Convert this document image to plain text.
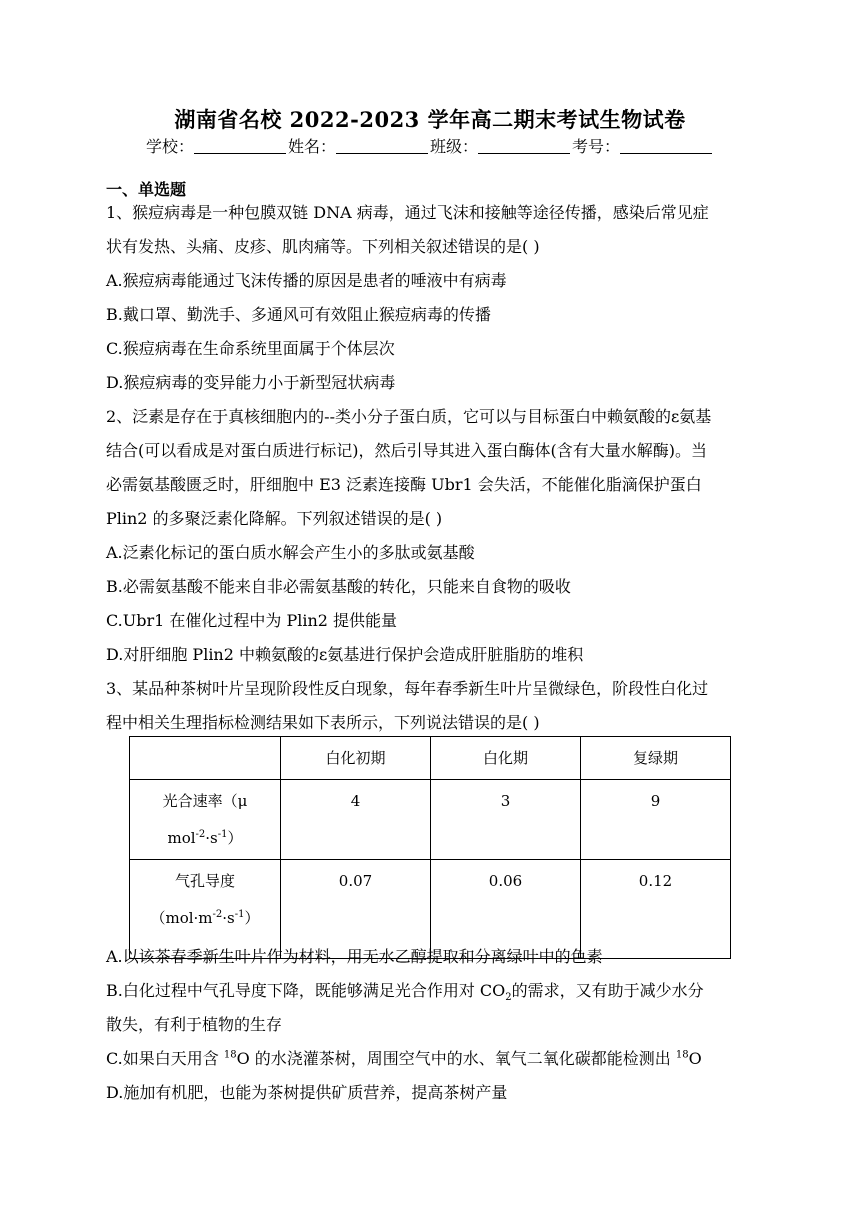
湖南省名校 2022-2023 学年高二期末考试生物试卷
学校：	姓名：	班级：	考号：
一、单选题
1、猴痘病毒是一种包膜双链 DNA 病毒，通过飞沫和接触等途径传播，感染后常见症
状有发热、头痛、皮疹、肌肉痛等。下列相关叙述错误的是( )
A.猴痘病毒能通过飞沫传播的原因是患者的唾液中有病毒
B.戴口罩、勤洗手、多通风可有效阻止猴痘病毒的传播
C.猴痘病毒在生命系统里面属于个体层次
D.猴痘病毒的变异能力小于新型冠状病毒
2、泛素是存在于真核细胞内的--类小分子蛋白质，它可以与目标蛋白中赖氨酸的ε氨基
结合(可以看成是对蛋白质进行标记)，然后引导其进入蛋白酶体(含有大量水解酶)。当
必需氨基酸匮乏时，肝细胞中 E3 泛素连接酶 Ubr1 会失活，不能催化脂滴保护蛋白
Plin2 的多聚泛素化降解。下列叙述错误的是( )
A.泛素化标记的蛋白质水解会产生小的多肽或氨基酸
B.必需氨基酸不能来自非必需氨基酸的转化，只能来自食物的吸收
C.Ubr1 在催化过程中为 Plin2 提供能量
D.对肝细胞 Plin2 中赖氨酸的ε氨基进行保护会造成肝脏脂肪的堆积
3、某品种茶树叶片呈现阶段性反白现象，每年春季新生叶片呈微绿色，阶段性白化过
程中相关生理指标检测结果如下表所示，下列说法错误的是( )
	白化初期	白化期	复绿期
光合速率（μ
$mol^{-2}\cdot s^{-1}$）	4	3	9
气孔导度
$(mol\cdot m^{-2}\cdot s^{-1})$	0.07	0.06	0.12
A.以该茶春季新生叶片作为材料，用无水乙醇提取和分离绿叶中的色素
B.白化过程中气孔导度下降，既能够满足光合作用对 $CO_2$的需求，又有助于减少水分
散失，有利于植物的生存
C.如果白天用含 $^{18}$O 的水浇灌茶树，周围空气中的水、氧气二氧化碳都能检测出 $^{18}$O
D.施加有机肥，也能为茶树提供矿质营养，提高茶树产量
